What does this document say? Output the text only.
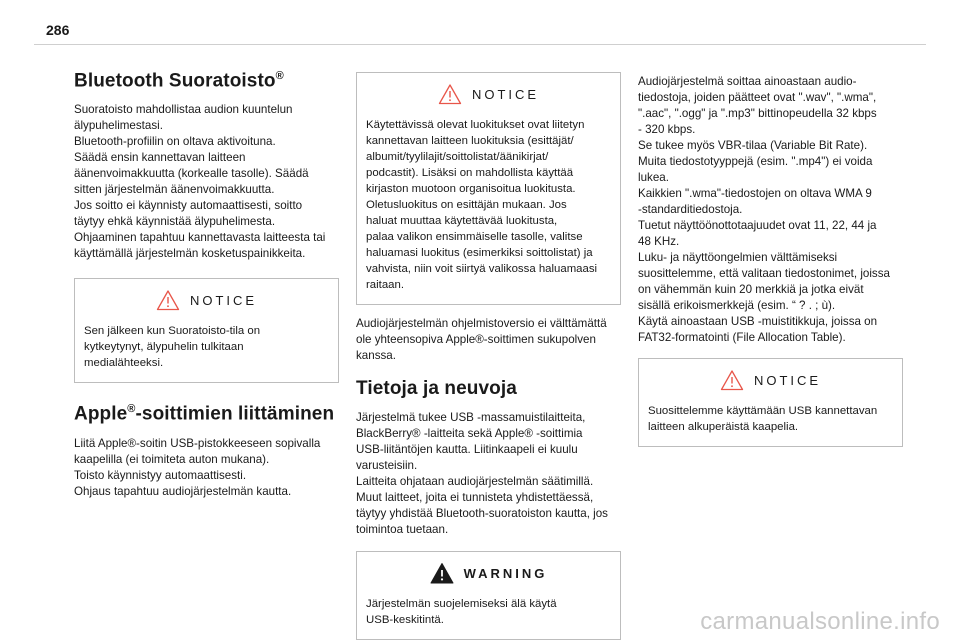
286
Bluetooth Suoratoisto®

Suoratoisto mahdollistaa audion kuuntelun
älypuhelimestasi.
Bluetooth-profiilin on oltava aktivoituna.
Säädä ensin kannettavan laitteen
äänenvoimakkuutta (korkealle tasolle). Säädä
sitten järjestelmän äänenvoimakkuutta.
Jos soitto ei käynnisty automaattisesti, soitto
täytyy ehkä käynnistää älypuhelimesta.
Ohjaaminen tapahtuu kannettavasta laitteesta tai
käyttämällä järjestelmän kosketuspainikkeita.

NOTICE

Sen jälkeen kun Suoratoisto-tila on
kytkeytynyt, älypuhelin tulkitaan
medialähteeksi.

Apple®-soittimien liittäminen

Liitä Apple®-soitin USB-pistokkeeseen sopivalla
kaapelilla (ei toimiteta auton mukana).
Toisto käynnistyy automaattisesti.
Ohjaus tapahtuu audiojärjestelmän kautta.

NOTICE

Käytettävissä olevat luokitukset ovat liitetyn
kannettavan laitteen luokituksia (esittäjät/
albumit/tyylilajit/soittolistat/äänikirjat/
podcastit). Lisäksi on mahdollista käyttää
kirjaston muotoon organisoitua luokitusta.
Oletusluokitus on esittäjän mukaan. Jos
haluat muuttaa käytettävää luokitusta,
palaa valikon ensimmäiselle tasolle, valitse
haluamasi luokitus (esimerkiksi soittolistat) ja
vahvista, niin voit siirtyä valikossa haluamaasi
raitaan.

Audiojärjestelmän ohjelmistoversio ei välttämättä
ole yhteensopiva Apple®-soittimen sukupolven
kanssa.

Tietoja ja neuvoja

Järjestelmä tukee USB -massamuistilaitteita,
BlackBerry® -laitteita sekä Apple® -soittimia
USB-liitäntöjen kautta. Liitinkaapeli ei kuulu
varusteisiin.
Laitteita ohjataan audiojärjestelmän säätimillä.
Muut laitteet, joita ei tunnisteta yhdistettäessä,
täytyy yhdistää Bluetooth-suoratoiston kautta, jos
toimintoa tuetaan.

WARNING

Järjestelmän suojelemiseksi älä käytä
USB-keskitintä.

Audiojärjestelmä soittaa ainoastaan audio-
tiedostoja, joiden päätteet ovat ".wav", ".wma",
".aac", ".ogg" ja ".mp3" bittinopeudella 32 kbps
- 320 kbps.
Se tukee myös VBR-tilaa (Variable Bit Rate).
Muita tiedostotyyppejä (esim. ".mp4") ei voida
lukea.
Kaikkien ".wma"-tiedostojen on oltava WMA 9
-standarditiedostoja.
Tuetut näyttöönottotaajuudet ovat 11, 22, 44 ja
48 KHz.
Luku- ja näyttöongelmien välttämiseksi
suosittelemme, että valitaan tiedostonimet, joissa
on vähemmän kuin 20 merkkiä ja jotka eivät
sisällä erikoismerkkejä (esim. “ ? . ; ù).
Käytä ainoastaan USB -muistitikkuja, joissa on
FAT32-formatointi (File Allocation Table).

NOTICE

Suosittelemme käyttämään USB kannettavan
laitteen alkuperäistä kaapelia.

carmanualsonline.info
